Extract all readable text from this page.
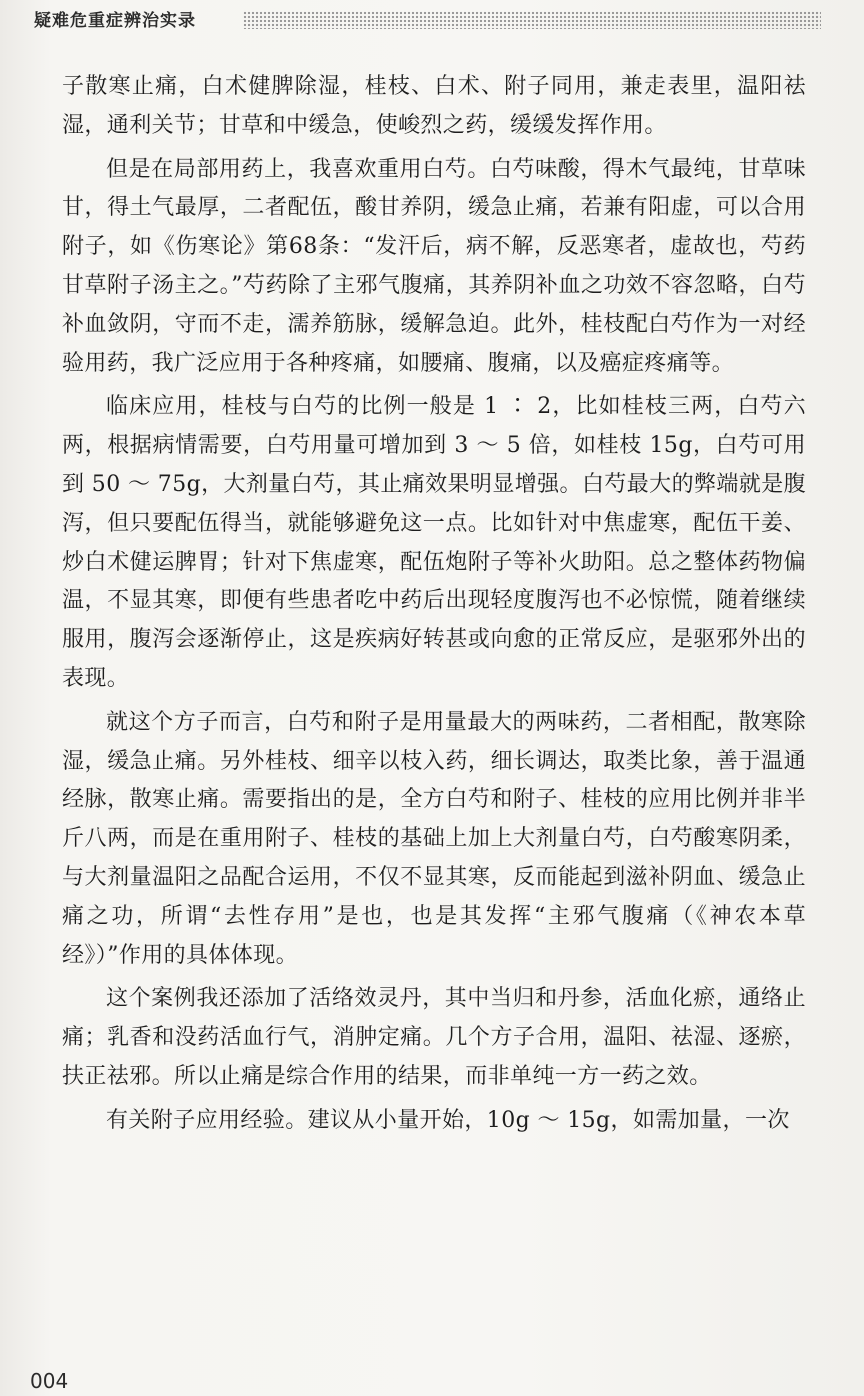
疑难危重症辨治实录

子散寒止痛，白术健脾除湿，桂枝、白术、附子同用，兼走表里，温阳祛湿，通利关节；甘草和中缓急，使峻烈之药，缓缓发挥作用。

但是在局部用药上，我喜欢重用白芍。白芍味酸，得木气最纯，甘草味甘，得土气最厚，二者配伍，酸甘养阴，缓急止痛，若兼有阳虚，可以合用附子，如《伤寒论》第68条：“发汗后，病不解，反恶寒者，虚故也，芍药甘草附子汤主之。”芍药除了主邪气腹痛，其养阴补血之功效不容忽略，白芍补血敛阴，守而不走，濡养筋脉，缓解急迫。此外，桂枝配白芍作为一对经验用药，我广泛应用于各种疼痛，如腰痛、腹痛，以及癌症疼痛等。

临床应用，桂枝与白芍的比例一般是 1 ∶ 2，比如桂枝三两，白芍六两，根据病情需要，白芍用量可增加到 3 ～ 5 倍，如桂枝 15g，白芍可用到 50 ～ 75g，大剂量白芍，其止痛效果明显增强。白芍最大的弊端就是腹泻，但只要配伍得当，就能够避免这一点。比如针对中焦虚寒，配伍干姜、炒白术健运脾胃；针对下焦虚寒，配伍炮附子等补火助阳。总之整体药物偏温，不显其寒，即便有些患者吃中药后出现轻度腹泻也不必惊慌，随着继续服用，腹泻会逐渐停止，这是疾病好转甚或向愈的正常反应，是驱邪外出的表现。

就这个方子而言，白芍和附子是用量最大的两味药，二者相配，散寒除湿，缓急止痛。另外桂枝、细辛以枝入药，细长调达，取类比象，善于温通经脉，散寒止痛。需要指出的是，全方白芍和附子、桂枝的应用比例并非半斤八两，而是在重用附子、桂枝的基础上加上大剂量白芍，白芍酸寒阴柔，与大剂量温阳之品配合运用，不仅不显其寒，反而能起到滋补阴血、缓急止痛之功，所谓“去性存用”是也，也是其发挥“主邪气腹痛（《神农本草经》）”作用的具体体现。

这个案例我还添加了活络效灵丹，其中当归和丹参，活血化瘀，通络止痛；乳香和没药活血行气，消肿定痛。几个方子合用，温阳、祛湿、逐瘀，扶正祛邪。所以止痛是综合作用的结果，而非单纯一方一药之效。

有关附子应用经验。建议从小量开始，10g ～ 15g，如需加量，一次

004
